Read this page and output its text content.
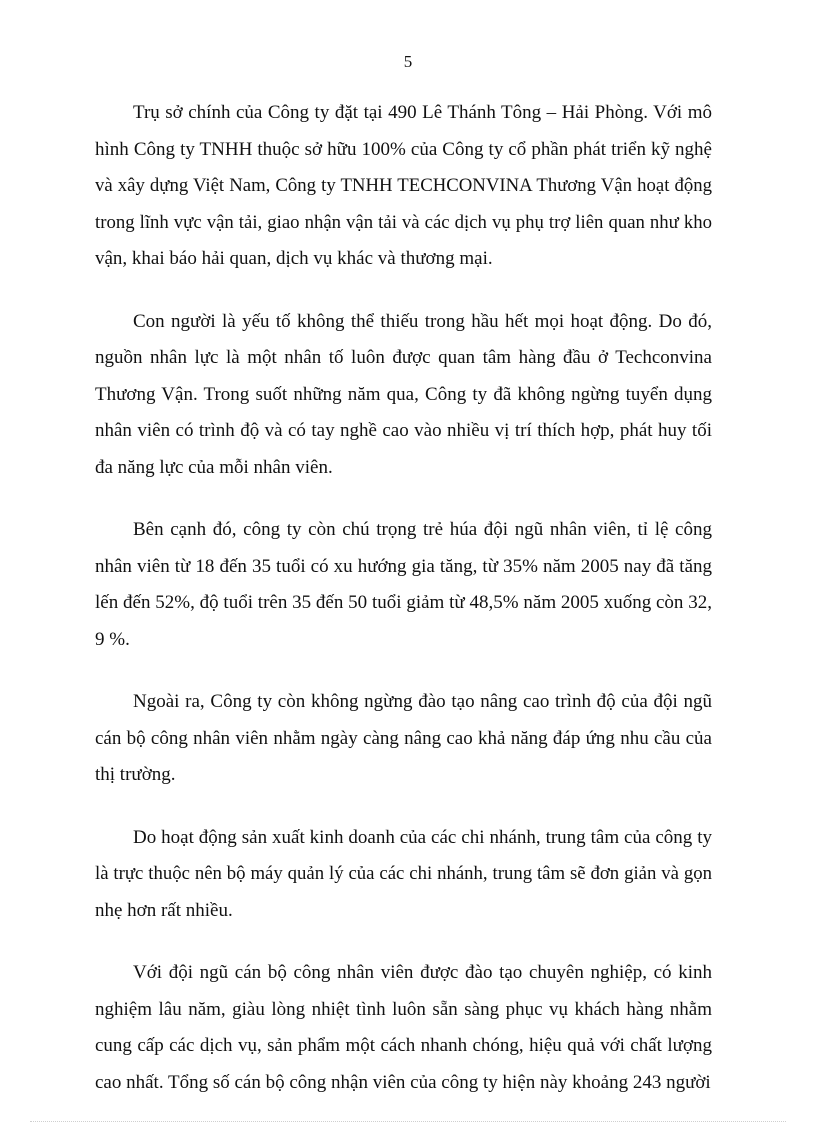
5

Trụ sở chính của Công ty đặt tại 490 Lê Thánh Tông – Hải Phòng. Với mô
hình Công ty TNHH thuộc sở hữu 100% của Công ty cổ phần phát triển kỹ nghệ
và xây dựng Việt Nam, Công ty TNHH TECHCONVINA Thương Vận hoạt động
trong lĩnh vực vận tải, giao nhận vận tải và các dịch vụ phụ trợ liên quan như kho
vận, khai báo hải quan, dịch vụ khác và thương mại.

Con người là yếu tố không thể thiếu trong hầu hết mọi hoạt động. Do đó,
nguồn nhân lực là một nhân tố luôn được quan tâm hàng đầu ở Techconvina
Thương Vận. Trong suốt những năm qua, Công ty đã không ngừng tuyển dụng
nhân viên có trình độ và có tay nghề cao vào nhiều vị trí thích hợp, phát huy tối
đa năng lực của mỗi nhân viên.

Bên cạnh đó, công ty còn chú trọng trẻ húa đội ngũ nhân viên, tỉ lệ công
nhân viên từ 18 đến 35 tuổi có xu hướng gia tăng, từ 35% năm 2005 nay đã tăng
lến đến 52%, độ tuổi trên 35 đến 50 tuổi giảm từ 48,5% năm 2005 xuống còn 32,
9 %.

Ngoài ra, Công ty còn không ngừng đào tạo nâng cao trình độ của đội ngũ
cán bộ công nhân viên nhằm ngày càng nâng cao khả năng đáp ứng nhu cầu của
thị trường.

Do hoạt động sản xuất kinh doanh của các chi nhánh, trung tâm của công ty
là trực thuộc nên bộ máy quản lý của các chi nhánh, trung tâm sẽ đơn giản và gọn
nhẹ hơn rất nhiều.

Với đội ngũ cán bộ công nhân viên được đào tạo chuyên nghiệp, có kinh
nghiệm lâu năm, giàu lòng nhiệt tình luôn sẵn sàng phục vụ khách hàng nhằm
cung cấp các dịch vụ, sản phẩm một cách nhanh chóng, hiệu quả với chất lượng
cao nhất. Tổng số cán bộ công nhận viên của công ty hiện này khoảng 243 người
